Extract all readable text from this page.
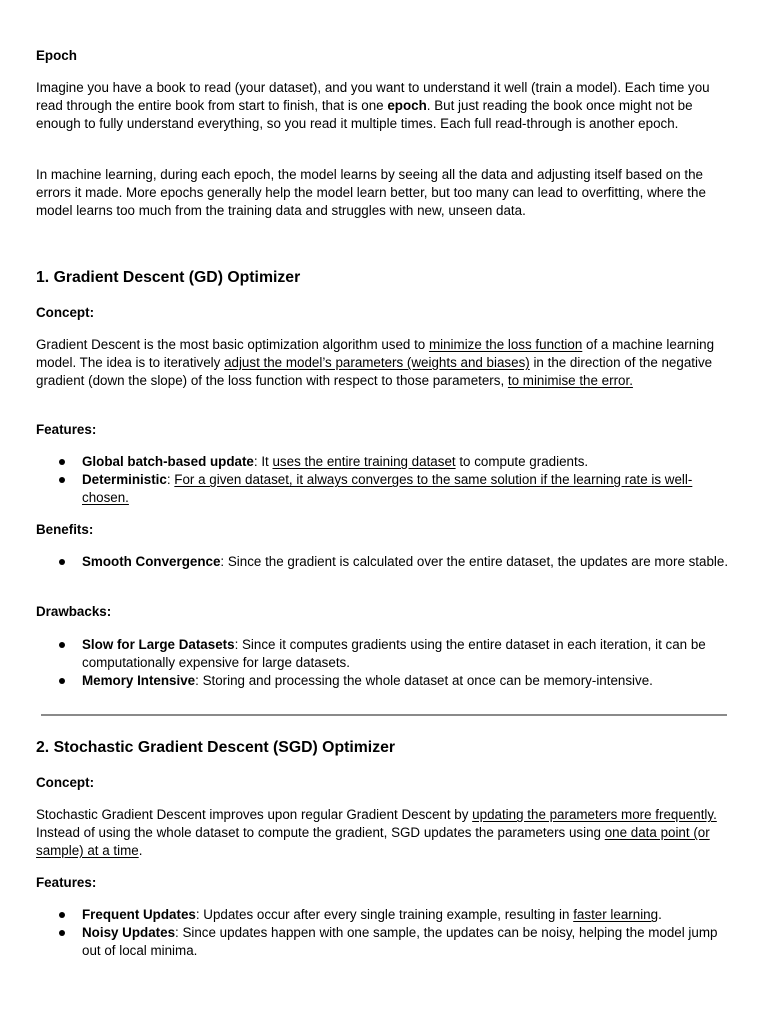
Epoch

Imagine you have a book to read (your dataset), and you want to understand it well (train a model). Each time you read through the entire book from start to finish, that is one epoch. But just reading the book once might not be enough to fully understand everything, so you read it multiple times. Each full read-through is another epoch.

In machine learning, during each epoch, the model learns by seeing all the data and adjusting itself based on the errors it made. More epochs generally help the model learn better, but too many can lead to overfitting, where the model learns too much from the training data and struggles with new, unseen data.

1. Gradient Descent (GD) Optimizer
Concept:

Gradient Descent is the most basic optimization algorithm used to minimize the loss function of a machine learning model. The idea is to iteratively adjust the model’s parameters (weights and biases) in the direction of the negative gradient (down the slope) of the loss function with respect to those parameters, to minimise the error.

Features:
Global batch-based update: It uses the entire training dataset to compute gradients.
Deterministic: For a given dataset, it always converges to the same solution if the learning rate is well-chosen.
Benefits:
Smooth Convergence: Since the gradient is calculated over the entire dataset, the updates are more stable.
Drawbacks:
Slow for Large Datasets: Since it computes gradients using the entire dataset in each iteration, it can be computationally expensive for large datasets.
Memory Intensive: Storing and processing the whole dataset at once can be memory-intensive.
2. Stochastic Gradient Descent (SGD) Optimizer
Concept:

Stochastic Gradient Descent improves upon regular Gradient Descent by updating the parameters more frequently. Instead of using the whole dataset to compute the gradient, SGD updates the parameters using one data point (or sample) at a time.

Features:
Frequent Updates: Updates occur after every single training example, resulting in faster learning.
Noisy Updates: Since updates happen with one sample, the updates can be noisy, helping the model jump out of local minima.
